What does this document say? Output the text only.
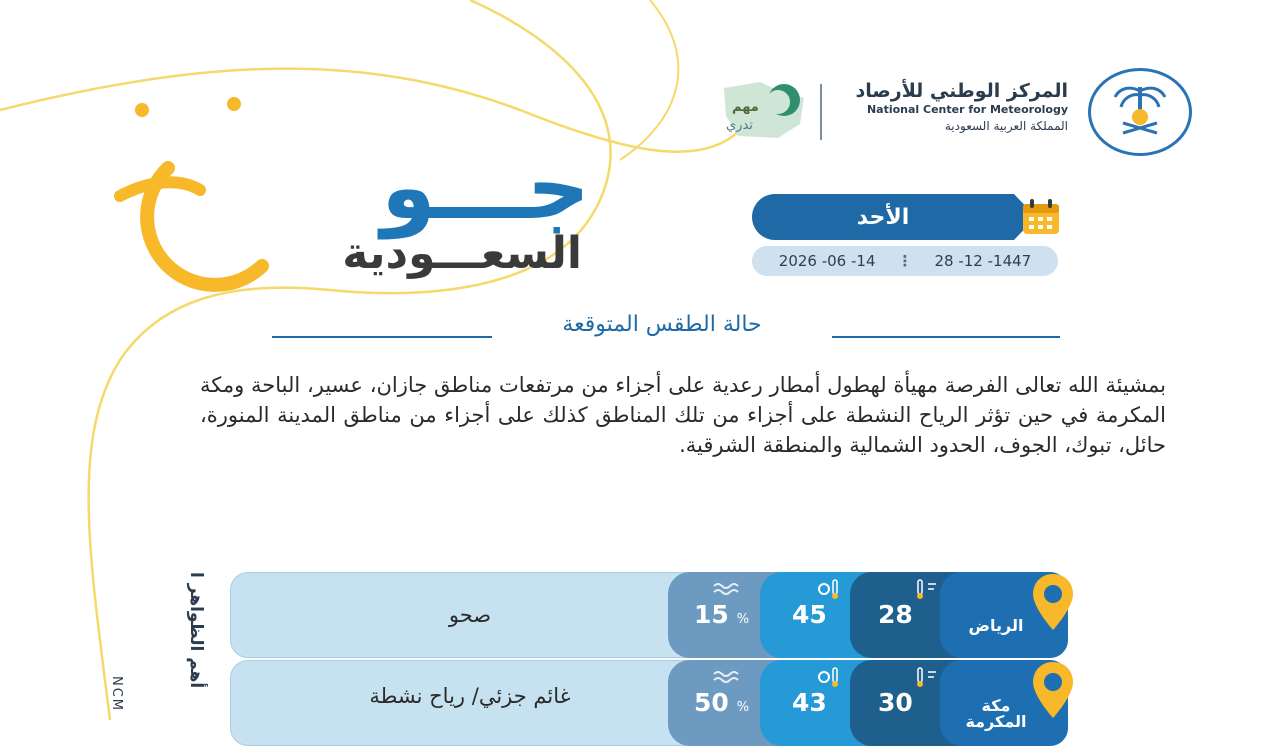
مهم
تدري
المركز الوطني للأرصاد
National Center for Meteorology
المملكة العربية السعودية
جـــو
السعـــودية
الأحد
2026 -06 -14 ⋮ 28 -12 -1447
حالة الطقس المتوقعة
بمشيئة الله تعالى الفرصة مهيأة لهطول أمطار رعدية على أجزاء من مرتفعات مناطق جازان، عسير، الباحة ومكة المكرمة في حين تؤثر الرياح النشطة على أجزاء من تلك المناطق كذلك على أجزاء من مناطق المدينة المنورة، حائل، تبوك، الجوف، الحدود الشمالية والمنطقة الشرقية.
أهم الظواهر ا
NCM
صحو	15 % 45 28	الرياض
غائم جزئي/ رياح نشطة	50 % 43 30	مكة المكرمة
